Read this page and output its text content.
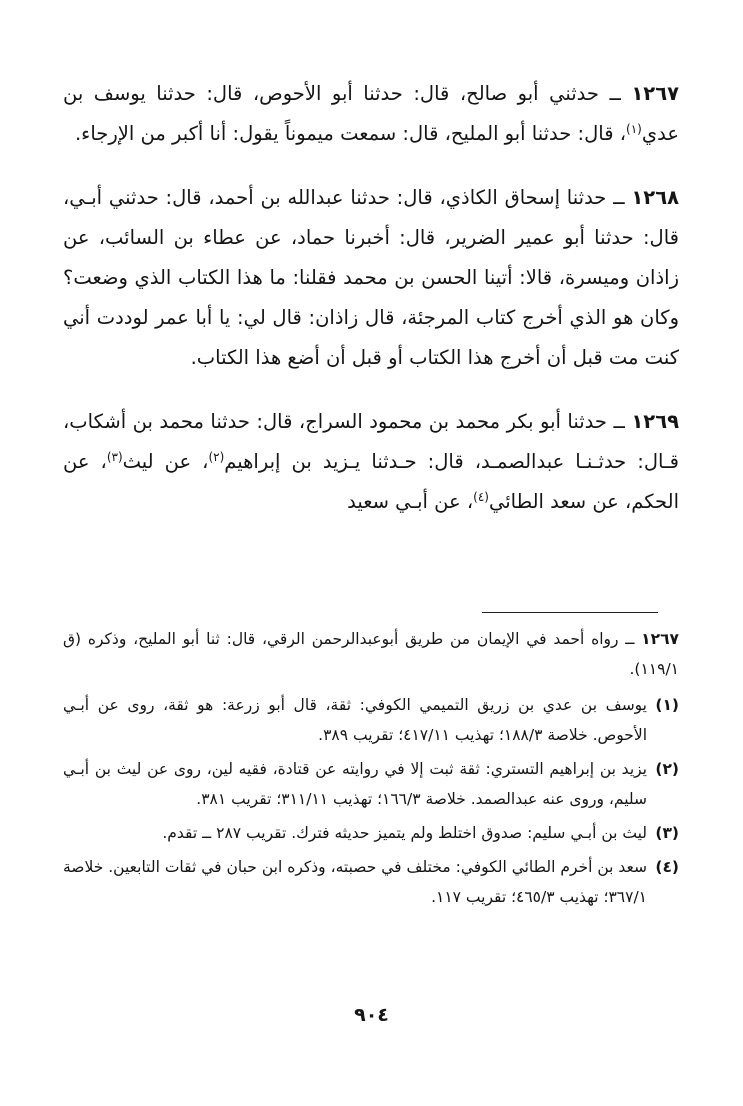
١٢٦٧ ــ حدثني أبو صالح، قال: حدثنا أبو الأحوص، قال: حدثنا يوسف بن عدي$^{(١)}$، قال: حدثنا أبو المليح، قال: سمعت ميموناً يقول: أنا أكبر من الإرجاء.

١٢٦٨ ــ حدثنا إسحاق الكاذي، قال: حدثنا عبدالله بن أحمد، قال: حدثني أبـي، قال: حدثنا أبو عمير الضرير، قال: أخبرنا حماد، عن عطاء بن السائب، عن زاذان وميسرة، قالا: أتينا الحسن بن محمد فقلنا: ما هذا الكتاب الذي وضعت؟ وكان هو الذي أخرج كتاب المرجئة، قال زاذان: قال لي: يا أبا عمر لوددت أني كنت مت قبل أن أخرج هذا الكتاب أو قبل أن أضع هذا الكتاب.

١٢٦٩ ــ حدثنا أبو بكر محمد بن محمود السراج، قال: حدثنا محمد بن أشكاب، قـال: حدثـنـا عبدالصمـد، قال: حـدثنا يـزيد بن إبراهيم$^{(٢)}$، عن ليث$^{(٣)}$، عن الحكم، عن سعد الطائي$^{(٤)}$، عن أبـي سعيد

١٢٦٧ ــ رواه أحمد في الإيمان من طريق أبوعبدالرحمن الرقي، قال: ثنا أبو المليح، وذكره (ق ١١٩/١).

(١)
يوسف بن عدي بن زريق التميمي الكوفي: ثقة، قال أبو زرعة: هو ثقة، روى عن أبـي الأحوص. خلاصة ١٨٨/٣؛ تهذيب ٤١٧/١١؛ تقريب ٣٨٩.

(٢)
يزيد بن إبراهيم التستري: ثقة ثبت إلا في روايته عن قتادة، فقيه لين، روى عن ليث بن أبـي سليم، وروى عنه عبدالصمد. خلاصة ١٦٦/٣؛ تهذيب ٣١١/١١؛ تقريب ٣٨١.

(٣)
ليث بن أبـي سليم: صدوق اختلط ولم يتميز حديثه فترك. تقريب ٢٨٧ ــ تقدم.

(٤)
سعد بن أخرم الطائي الكوفي: مختلف في حصبته، وذكره ابن حبان في ثقات التابعين. خلاصة ٣٦٧/١؛ تهذيب ٤٦٥/٣؛ تقريب ١١٧.

٩٠٤
